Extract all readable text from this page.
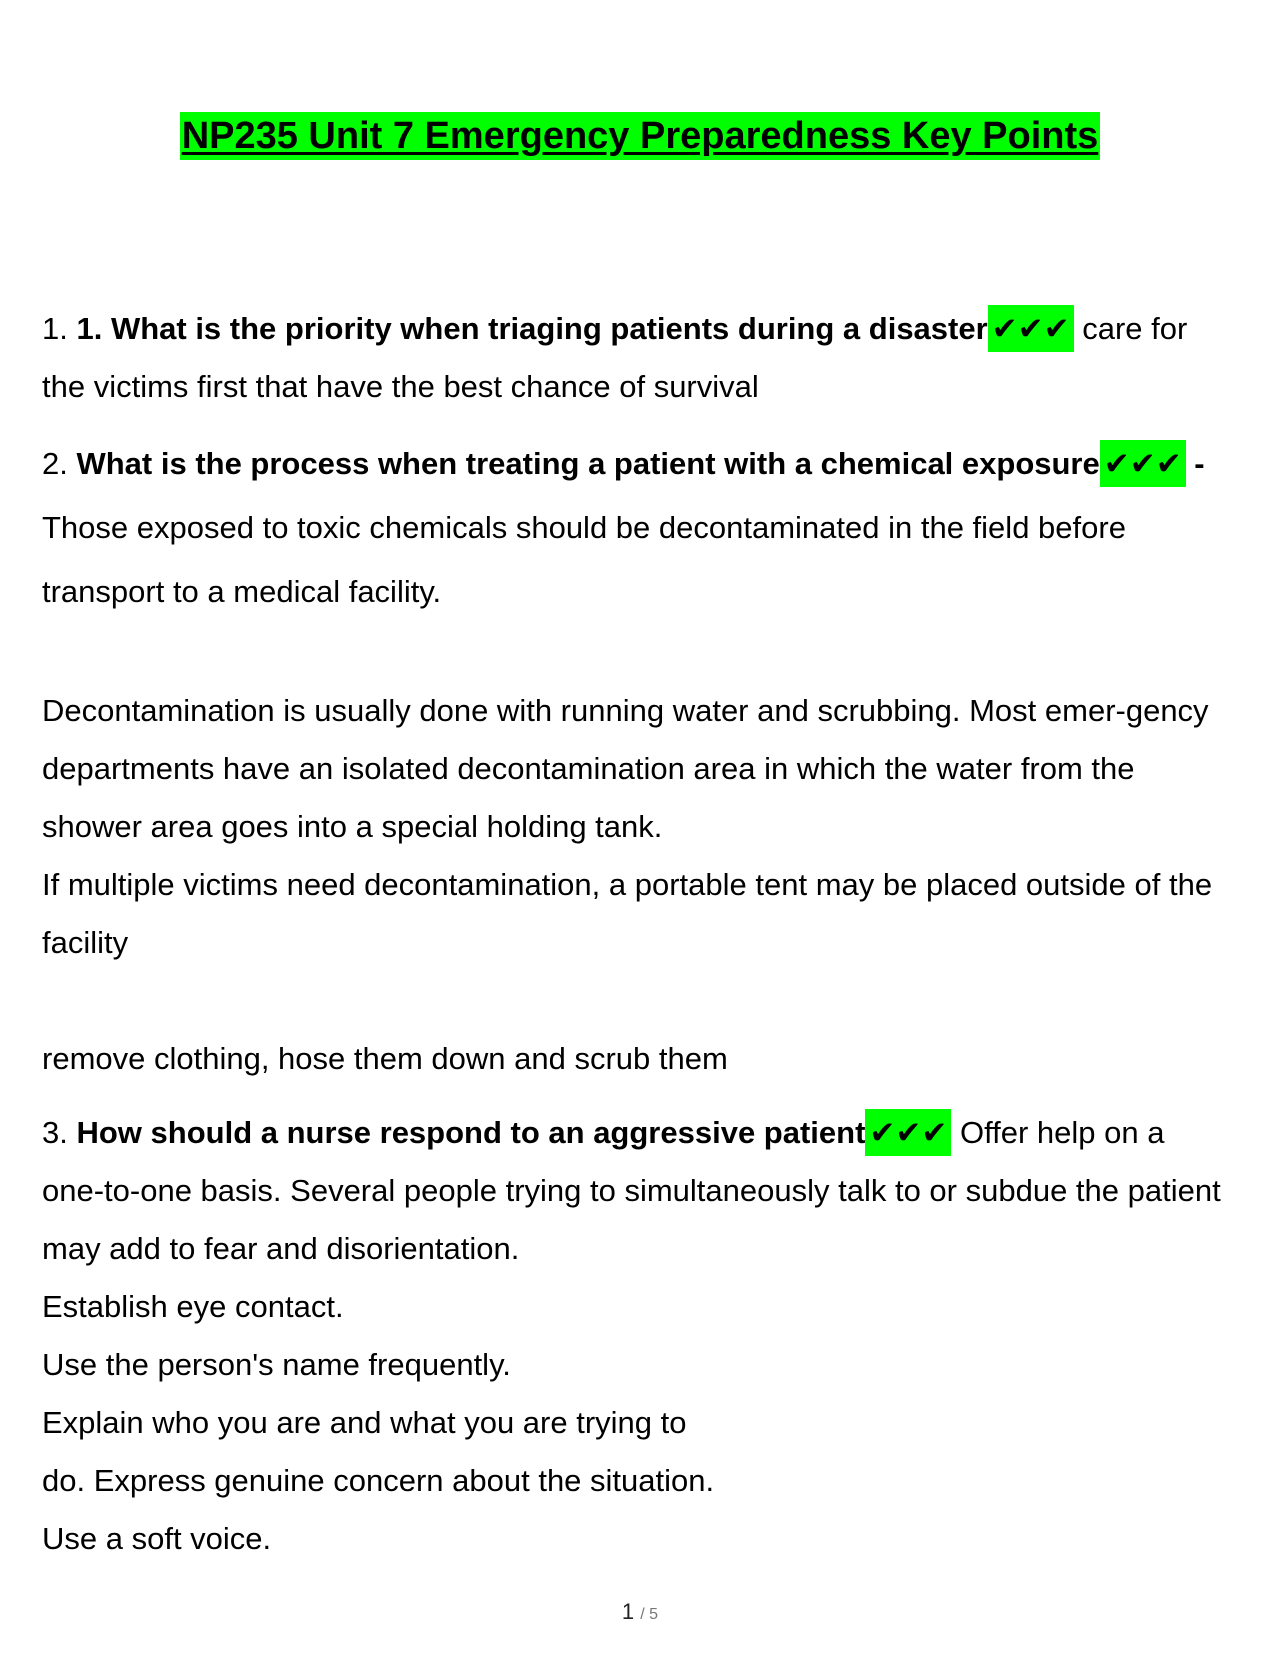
NP235 Unit 7 Emergency Preparedness Key Points

1. 1. What is the priority when triaging patients during a disaster ✔✔✔ care for the victims first that have the best chance of survival

2. What is the process when treating a patient with a chemical exposure ✔✔✔ - Those exposed to toxic chemicals should be decontaminated in the field before transport to a medical facility.

Decontamination is usually done with running water and scrubbing. Most emer-gency departments have an isolated decontamination area in which the water from the shower area goes into a special holding tank.

If multiple victims need decontamination, a portable tent may be placed outside of the facility

remove clothing, hose them down and scrub them

3. How should a nurse respond to an aggressive patient ✔✔✔ Offer help on a one-to-one basis. Several people trying to simultaneously talk to or subdue the patient may add to fear and disorientation.

Establish eye contact.

Use the person's name frequently.

Explain who you are and what you are trying to

do. Express genuine concern about the situation.

Use a soft voice.

1 / 5
